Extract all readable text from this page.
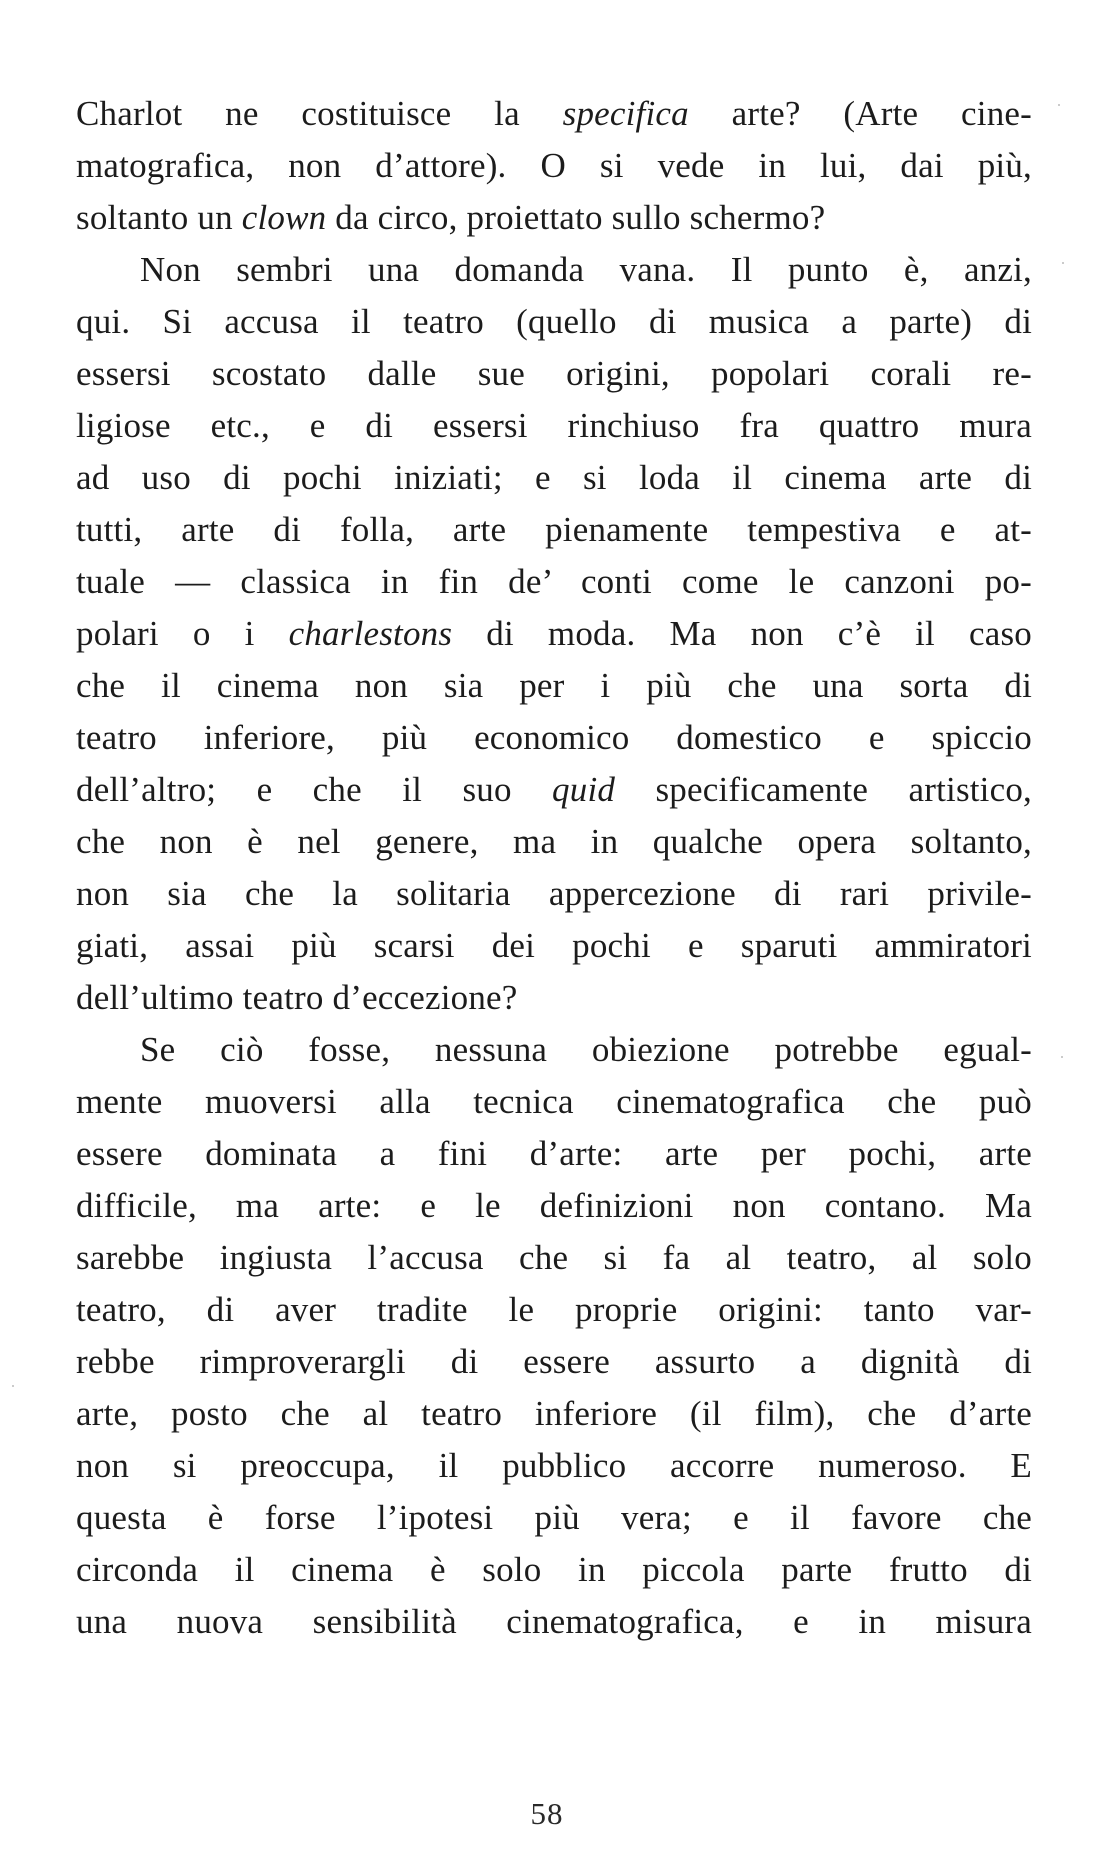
Charlot ne costituisce la specifica arte? (Arte cine-
matografica, non d’attore). O si vede in lui, dai più,
soltanto un clown da circo, proiettato sullo schermo?
Non sembri una domanda vana. Il punto è, anzi,
qui. Si accusa il teatro (quello di musica a parte) di
essersi scostato dalle sue origini, popolari corali re-
ligiose etc., e di essersi rinchiuso fra quattro mura
ad uso di pochi iniziati; e si loda il cinema arte di
tutti, arte di folla, arte pienamente tempestiva e at-
tuale — classica in fin de’ conti come le canzoni po-
polari o i charlestons di moda. Ma non c’è il caso
che il cinema non sia per i più che una sorta di
teatro inferiore, più economico domestico e spiccio
dell’altro; e che il suo quid specificamente artistico,
che non è nel genere, ma in qualche opera soltanto,
non sia che la solitaria appercezione di rari privile-
giati, assai più scarsi dei pochi e sparuti ammiratori
dell’ultimo teatro d’eccezione?
Se ciò fosse, nessuna obiezione potrebbe egual-
mente muoversi alla tecnica cinematografica che può
essere dominata a fini d’arte: arte per pochi, arte
difficile, ma arte: e le definizioni non contano. Ma
sarebbe ingiusta l’accusa che si fa al teatro, al solo
teatro, di aver tradite le proprie origini: tanto var-
rebbe rimproverargli di essere assurto a dignità di
arte, posto che al teatro inferiore (il film), che d’arte
non si preoccupa, il pubblico accorre numeroso. E
questa è forse l’ipotesi più vera; e il favore che
circonda il cinema è solo in piccola parte frutto di
una nuova sensibilità cinematografica, e in misura
58
